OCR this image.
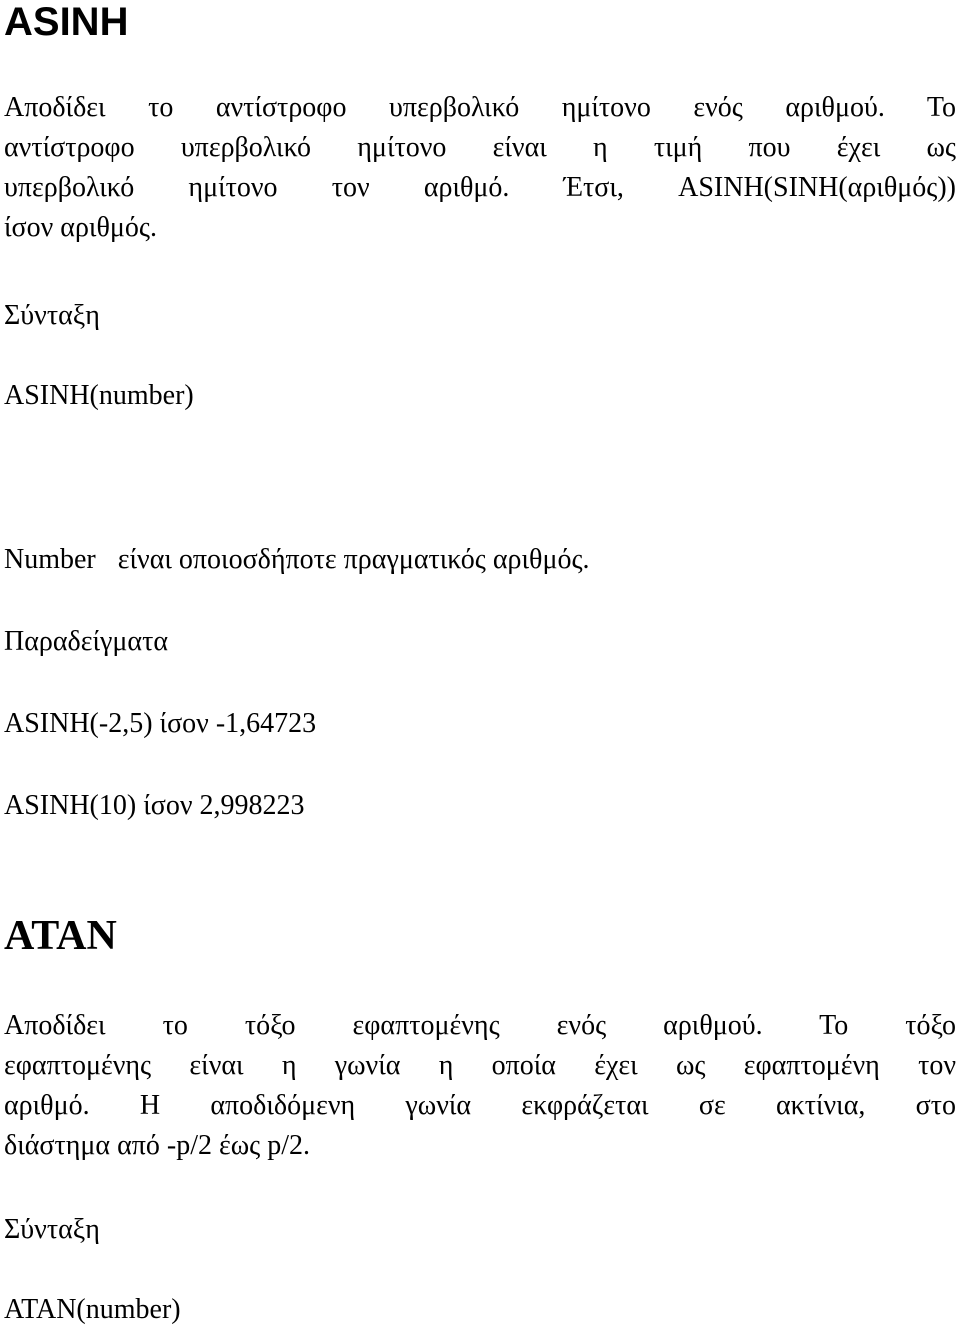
ASINH
Αποδίδει το αντίστροφο υπερβολικό ημίτονο ενός αριθμού. Το
αντίστροφο υπερβολικό ημίτονο είναι η τιμή που έχει ως
υπερβολικό ημίτονο τον αριθμό. Έτσι, ASINH(SINH(αριθμός))
ίσον αριθμός.

Σύνταξη

ASINH(number)

Number είναι οποιοσδήποτε πραγματικός αριθμός.

Παραδείγματα

ASINH(-2,5) ίσον -1,64723

ASINH(10) ίσον 2,998223

ATAN
Αποδίδει το τόξο εφαπτομένης ενός αριθμού. Το τόξο
εφαπτομένης είναι η γωνία η οποία έχει ως εφαπτομένη τον
αριθμό. Η αποδιδόμενη γωνία εκφράζεται σε ακτίνια, στο
διάστημα από -p/2 έως p/2.

Σύνταξη

ATAN(number)
